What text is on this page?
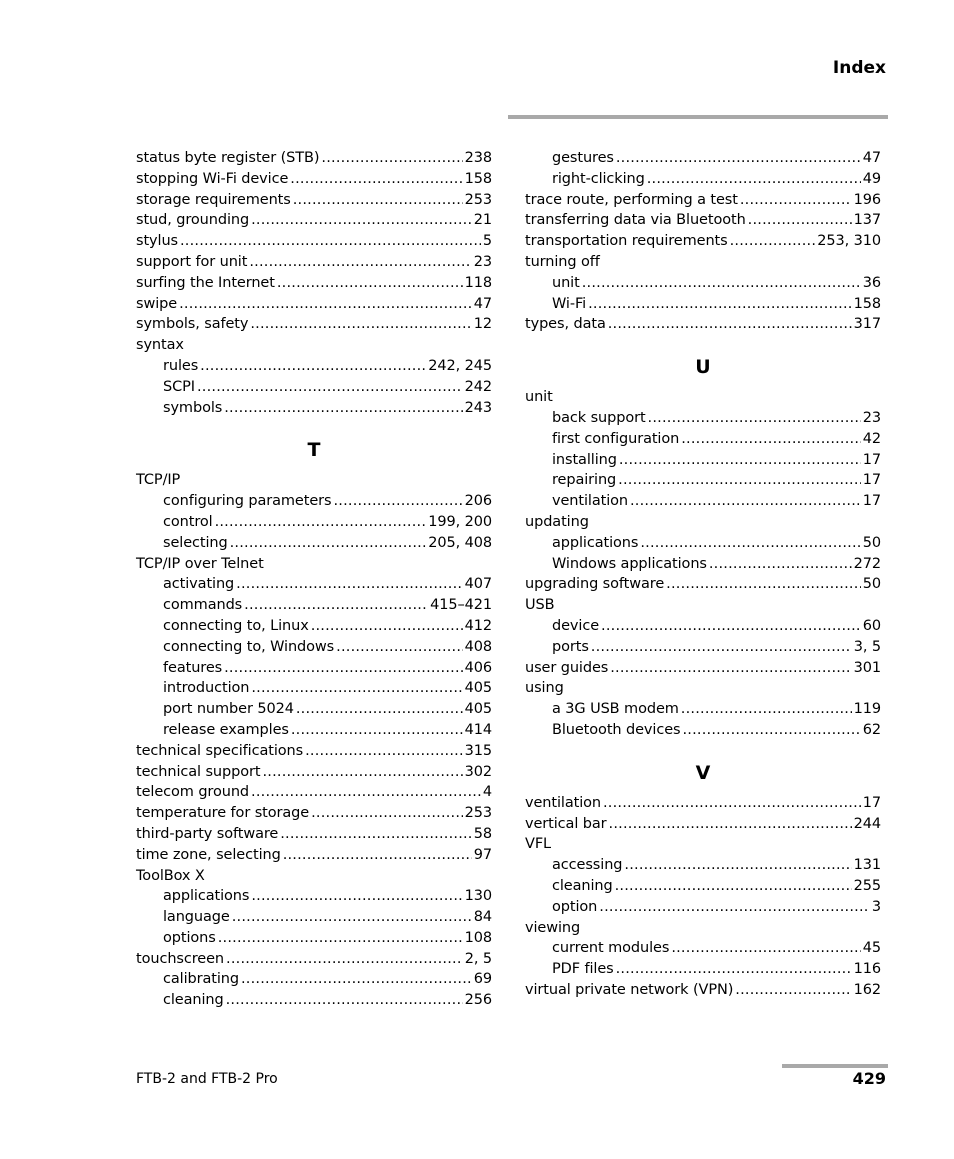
Index
status byte register (STB) .....	238
stopping Wi-Fi device .....	158
storage requirements .....	253
stud, grounding .....	21
stylus .....	5
support for unit .....	23
surfing the Internet .....	118
swipe .....	47
symbols, safety .....	12
syntax
rules .....	242, 245
SCPI .....	242
symbols .....	243
T
TCP/IP
configuring parameters .....	206
control .....	199, 200
selecting .....	205, 408
TCP/IP over Telnet
activating .....	407
commands .....	415–421
connecting to, Linux .....	412
connecting to, Windows .....	408
features .....	406
introduction .....	405
port number 5024 .....	405
release examples .....	414
technical specifications .....	315
technical support .....	302
telecom ground .....	4
temperature for storage .....	253
third-party software .....	58
time zone, selecting .....	97
ToolBox X
applications .....	130
language .....	84
options .....	108
touchscreen .....	2, 5
calibrating .....	69
cleaning .....	256
gestures .....	47
right-clicking .....	49
trace route, performing a test .....	196
transferring data via Bluetooth .....	137
transportation requirements .....	253, 310
turning off
unit .....	36
Wi-Fi .....	158
types, data .....	317
U
unit
back support .....	23
first configuration .....	42
installing .....	17
repairing .....	17
ventilation .....	17
updating
applications .....	50
Windows applications .....	272
upgrading software .....	50
USB
device .....	60
ports .....	3, 5
user guides .....	301
using
a 3G USB modem .....	119
Bluetooth devices .....	62
V
ventilation .....	17
vertical bar .....	244
VFL
accessing .....	131
cleaning .....	255
option .....	3
viewing
current modules .....	45
PDF files .....	116
virtual private network (VPN) .....	162
FTB-2 and FTB-2 Pro	429
